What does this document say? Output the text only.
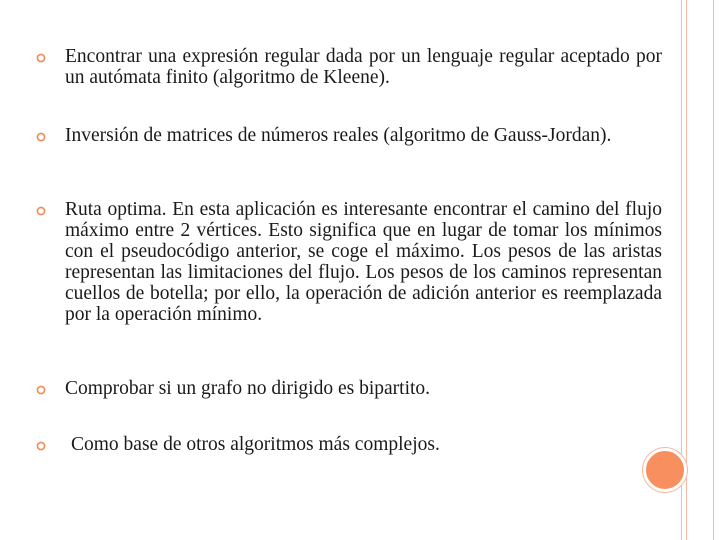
Encontrar una expresión regular dada por un lenguaje regular aceptado por un autómata finito (algoritmo de Kleene).
Inversión de matrices de números reales (algoritmo de Gauss-Jordan).
Ruta optima. En esta aplicación es interesante encontrar el camino del flujo máximo entre 2 vértices. Esto significa que en lugar de tomar los mínimos con el pseudocódigo anterior, se coge el máximo. Los pesos de las aristas representan las limitaciones del flujo. Los pesos de los caminos representan cuellos de botella; por ello, la operación de adición anterior es reemplazada por la operación mínimo.
Comprobar si un grafo no dirigido es bipartito.
Como base de otros algoritmos más complejos.
